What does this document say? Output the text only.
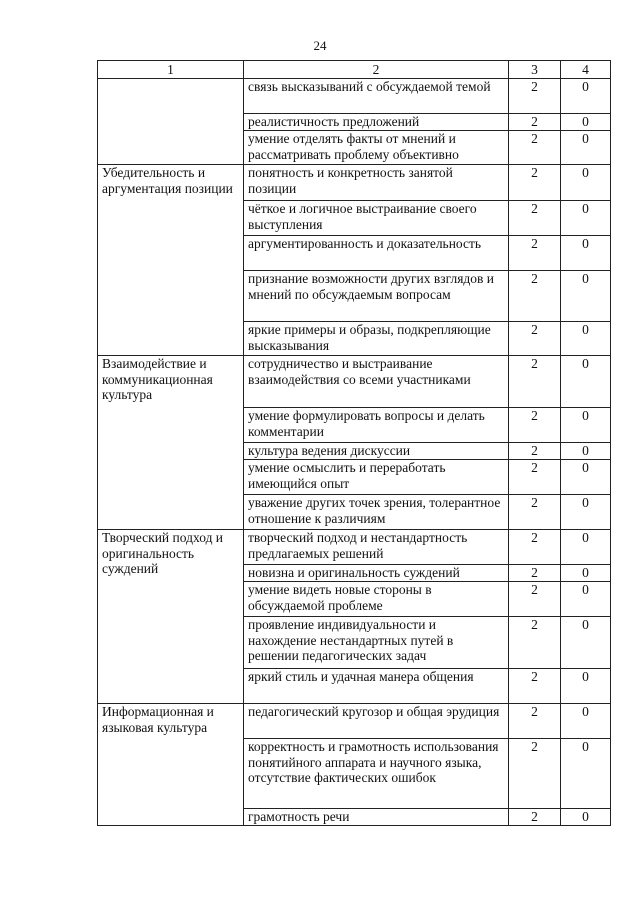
24
1	2	3	4
	связь высказываний с обсуждаемой темой	2	0
	реалистичность предложений	2	0
	умение отделять факты от мнений и рассматривать проблему объективно	2	0
Убедительность и аргументация позиции	понятность и конкретность занятой позиции	2	0
	чёткое и логичное выстраивание своего выступления	2	0
	аргументированность и доказательность	2	0
	признание возможности других взглядов и мнений по обсуждаемым вопросам	2	0
	яркие примеры и образы, подкрепляющие высказывания	2	0
Взаимодействие и коммуникационная культура	сотрудничество и выстраивание взаимодействия со всеми участниками	2	0
	умение формулировать вопросы и делать комментарии	2	0
	культура ведения дискуссии	2	0
	умение осмыслить и переработать имеющийся опыт	2	0
	уважение других точек зрения, толерантное отношение к различиям	2	0
Творческий подход и оригинальность суждений	творческий подход и нестандартность предлагаемых решений	2	0
	новизна и оригинальность суждений	2	0
	умение видеть новые стороны в обсуждаемой проблеме	2	0
	проявление индивидуальности и нахождение нестандартных путей в решении педагогических задач	2	0
	яркий стиль и удачная манера общения	2	0
Информационная и языковая культура	педагогический кругозор и общая эрудиция	2	0
	корректность и грамотность использования понятийного аппарата и научного языка, отсутствие фактических ошибок	2	0
	грамотность речи	2	0
